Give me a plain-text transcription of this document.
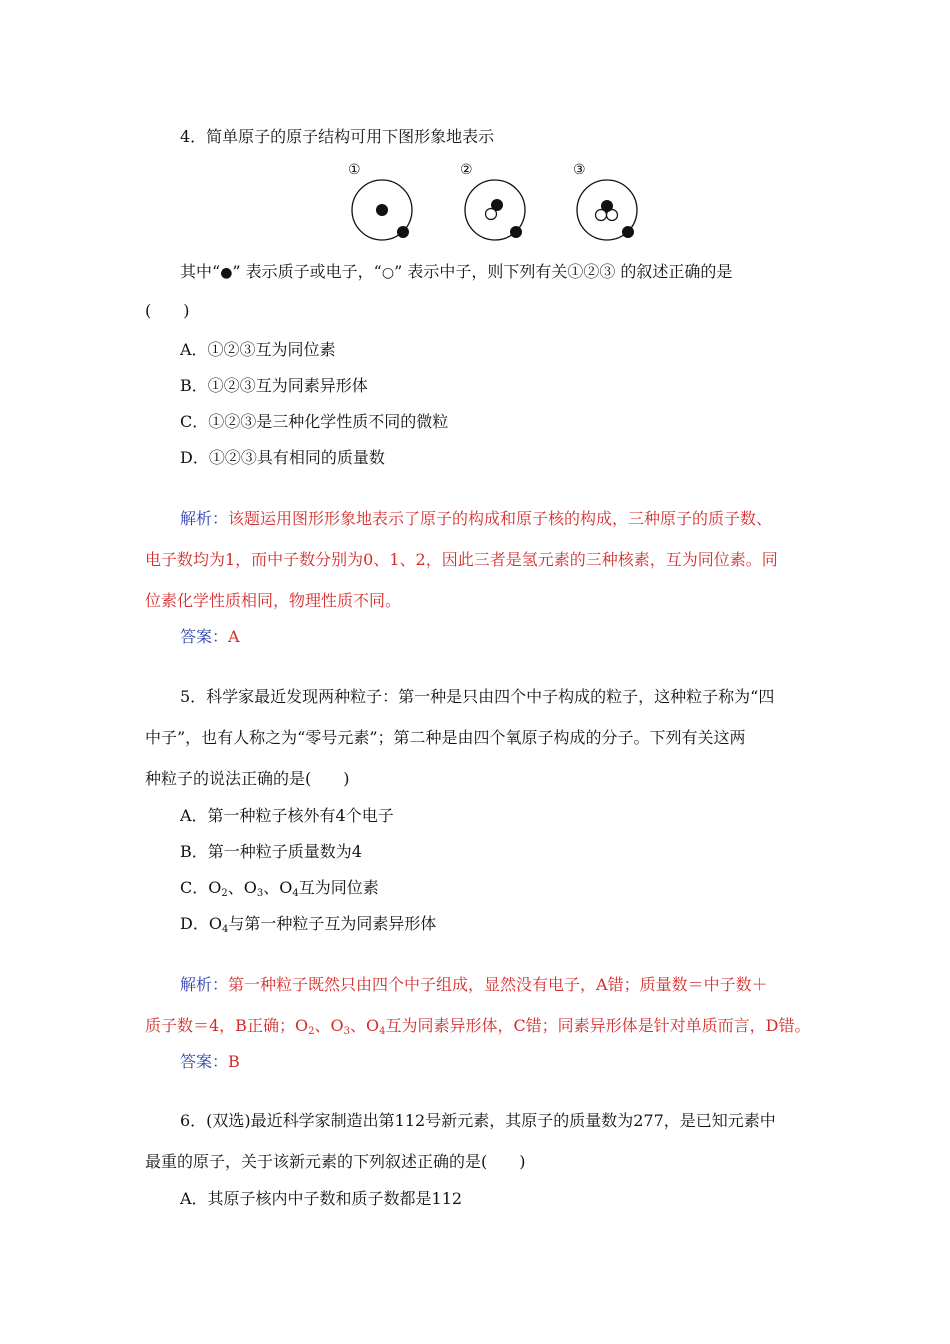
4．简单原子的原子结构可用下图形象地表示
①	②	③
其中“●” 表示质子或电子，“○” 表示中子，则下列有关①②③ 的叙述正确的是
(　　)
A．①②③互为同位素
B．①②③互为同素异形体
C．①②③是三种化学性质不同的微粒
D．①②③具有相同的质量数
解析：该题运用图形形象地表示了原子的构成和原子核的构成，三种原子的质子数、
电子数均为1，而中子数分别为0、1、2，因此三者是氢元素的三种核素，互为同位素。同
位素化学性质相同，物理性质不同。
答案：A
5．科学家最近发现两种粒子：第一种是只由四个中子构成的粒子，这种粒子称为“四
中子”，也有人称之为“零号元素”；第二种是由四个氧原子构成的分子。下列有关这两
种粒子的说法正确的是(　　)
A．第一种粒子核外有4个电子
B．第一种粒子质量数为4
C．$O_2$、$O_3$、$O_4$互为同位素
D．$O_4$与第一种粒子互为同素异形体
解析：第一种粒子既然只由四个中子组成，显然没有电子，A错；质量数＝中子数＋
质子数＝4，B正确；$O_2$、$O_3$、$O_4$互为同素异形体，C错；同素异形体是针对单质而言，D错。
答案：B
6．(双选)最近科学家制造出第112号新元素，其原子的质量数为277，是已知元素中
最重的原子，关于该新元素的下列叙述正确的是(　　)
A．其原子核内中子数和质子数都是112
